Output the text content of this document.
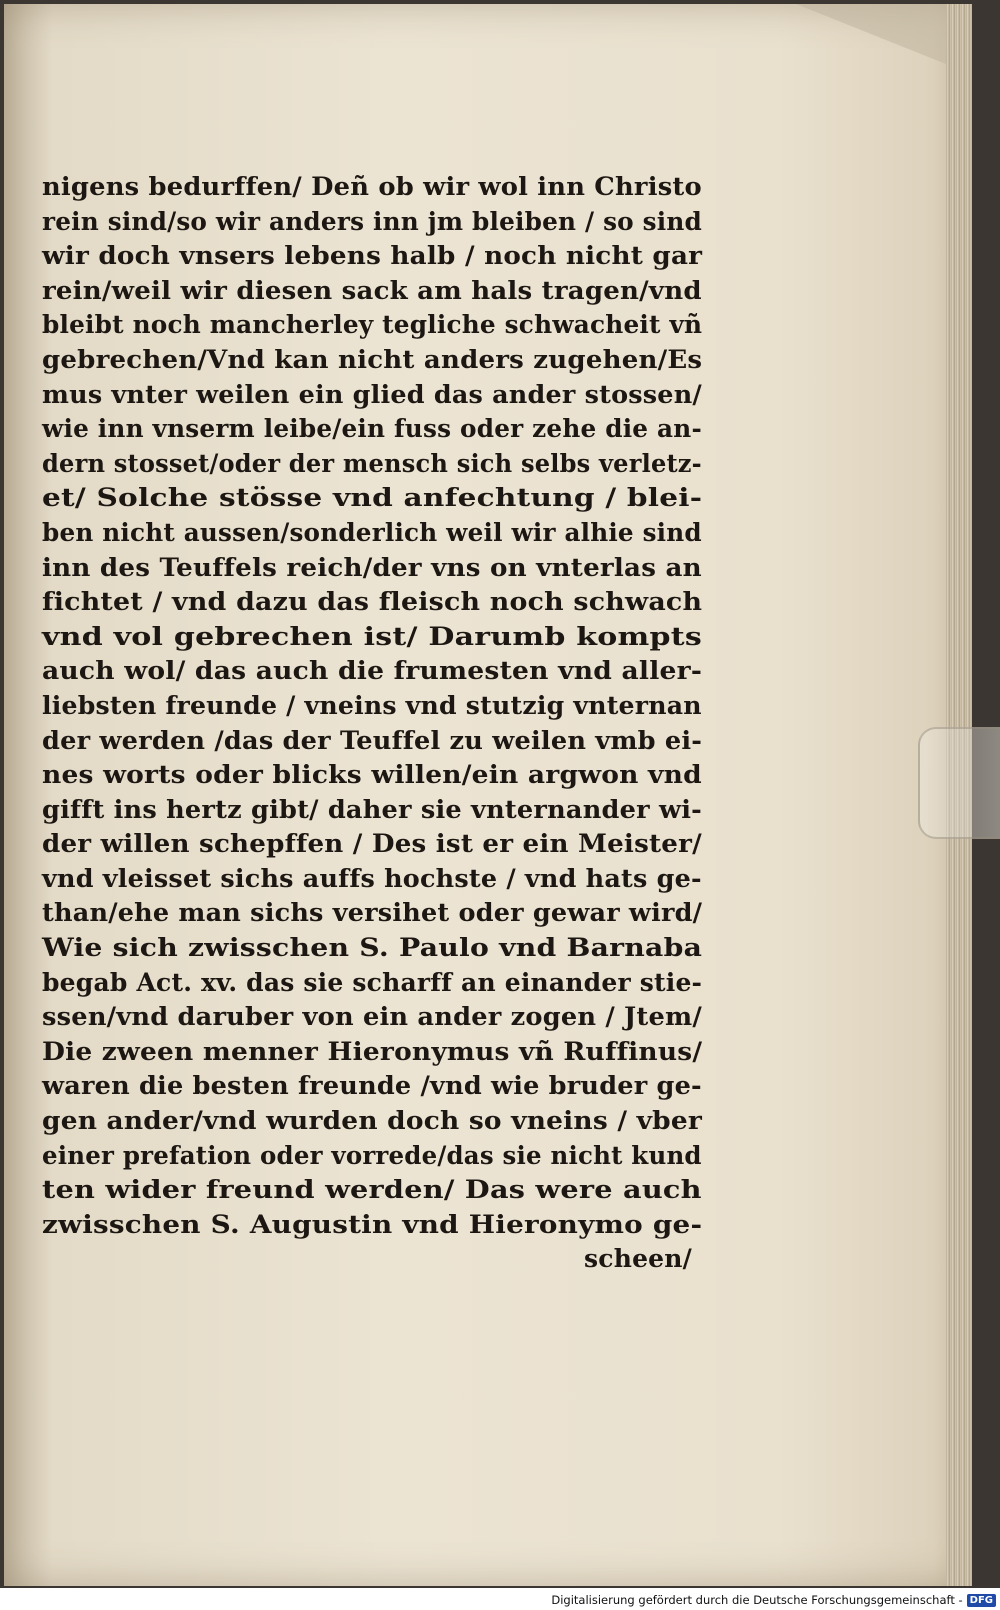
nigens bedurffen/ Deñ ob wir wol inn Christo
rein sind/so wir anders inn jm bleiben / so sind
wir doch vnsers lebens halb / noch nicht gar
rein/weil wir diesen sack am hals tragen/vnd
bleibt noch mancherley tegliche schwacheit vñ
gebrechen/Vnd kan nicht anders zugehen/Es
mus vnter weilen ein glied das ander stossen/
wie inn vnserm leibe/ein fuss oder zehe die an-
dern stosset/oder der mensch sich selbs verletz-
et/ Solche stösse vnd anfechtung / blei-
ben nicht aussen/sonderlich weil wir alhie sind
inn des Teuffels reich/der vns on vnterlas an
fichtet / vnd dazu das fleisch noch schwach
vnd vol gebrechen ist/ Darumb kompts
auch wol/ das auch die frumesten vnd aller-
liebsten freunde / vneins vnd stutzig vnternan
der werden /das der Teuffel zu weilen vmb ei-
nes worts oder blicks willen/ein argwon vnd
gifft ins hertz gibt/ daher sie vnternander wi-
der willen schepffen / Des ist er ein Meister/
vnd vleisset sichs auffs hochste / vnd hats ge-
than/ehe man sichs versihet oder gewar wird/
Wie sich zwisschen S. Paulo vnd Barnaba
begab Act. xv. das sie scharff an einander stie-
ssen/vnd daruber von ein ander zogen / Jtem/
Die zween menner Hieronymus vñ Ruffinus/
waren die besten freunde /vnd wie bruder ge-
gen ander/vnd wurden doch so vneins / vber
einer prefation oder vorrede/das sie nicht kund
ten wider freund werden/ Das were auch
zwisschen S. Augustin vnd Hieronymo ge-
scheen/
Digitalisierung gefördert durch die Deutsche Forschungsgemeinschaft - DFG
